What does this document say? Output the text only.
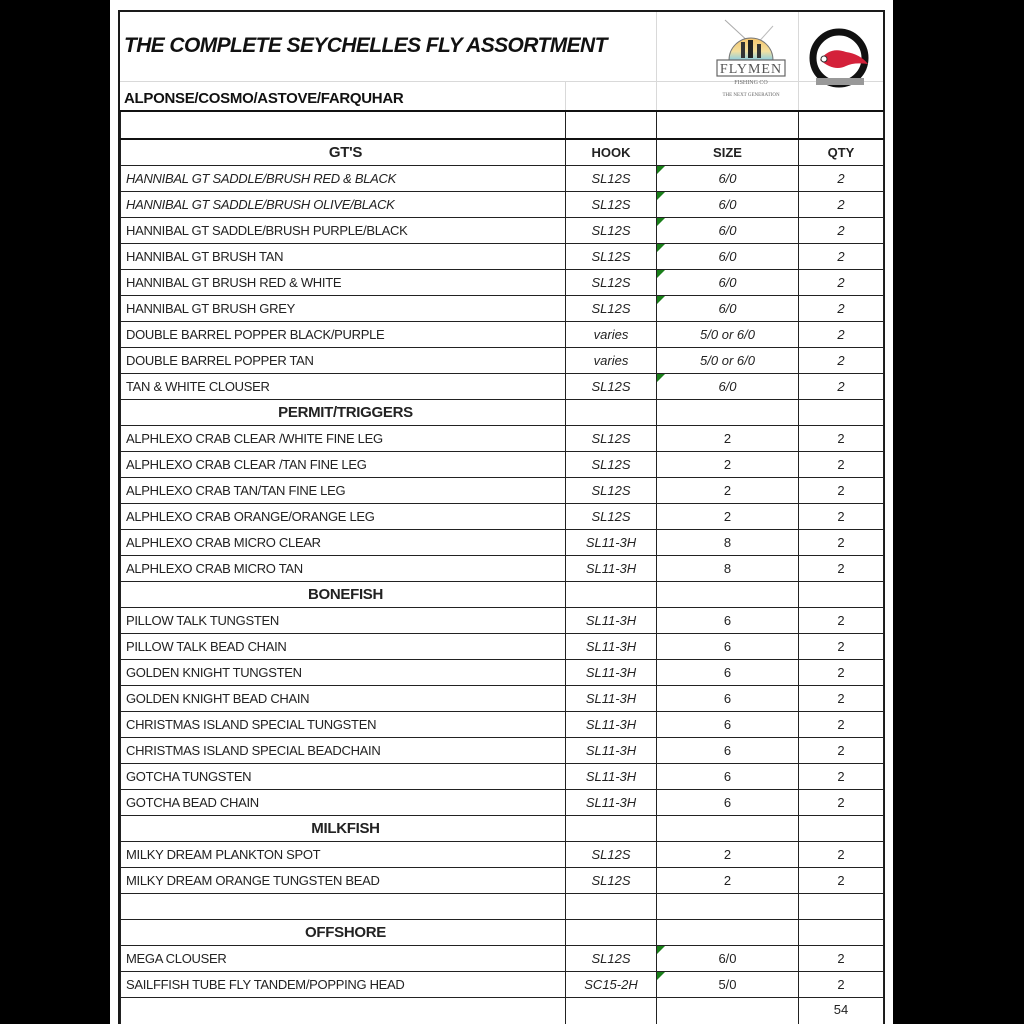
THE COMPLETE SEYCHELLES FLY ASSORTMENT
ALPONSE/COSMO/ASTOVE/FARQUHAR
FLYMEN
FISHING CO
THE NEXT GENERATION

GT'S	HOOK	SIZE	QTY
HANNIBAL GT SADDLE/BRUSH RED & BLACK	SL12S	6/0	2
HANNIBAL GT SADDLE/BRUSH OLIVE/BLACK	SL12S	6/0	2
HANNIBAL GT SADDLE/BRUSH PURPLE/BLACK	SL12S	6/0	2
HANNIBAL GT BRUSH TAN	SL12S	6/0	2
HANNIBAL GT BRUSH RED & WHITE	SL12S	6/0	2
HANNIBAL GT BRUSH GREY	SL12S	6/0	2
DOUBLE BARREL POPPER BLACK/PURPLE	varies	5/0 or 6/0	2
DOUBLE BARREL POPPER TAN	varies	5/0 or 6/0	2
TAN & WHITE CLOUSER	SL12S	6/0	2
PERMIT/TRIGGERS			
ALPHLEXO CRAB CLEAR /WHITE FINE LEG	SL12S	2	2
ALPHLEXO CRAB CLEAR /TAN FINE LEG	SL12S	2	2
ALPHLEXO CRAB TAN/TAN FINE LEG	SL12S	2	2
ALPHLEXO CRAB ORANGE/ORANGE LEG	SL12S	2	2
ALPHLEXO CRAB MICRO CLEAR	SL11-3H	8	2
ALPHLEXO CRAB MICRO TAN	SL11-3H	8	2
BONEFISH			
PILLOW TALK TUNGSTEN	SL11-3H	6	2
PILLOW TALK BEAD CHAIN	SL11-3H	6	2
GOLDEN KNIGHT TUNGSTEN	SL11-3H	6	2
GOLDEN KNIGHT BEAD CHAIN	SL11-3H	6	2
CHRISTMAS ISLAND SPECIAL TUNGSTEN	SL11-3H	6	2
CHRISTMAS ISLAND SPECIAL BEADCHAIN	SL11-3H	6	2
GOTCHA TUNGSTEN	SL11-3H	6	2
GOTCHA BEAD CHAIN	SL11-3H	6	2
MILKFISH			
MILKY DREAM PLANKTON SPOT	SL12S	2	2
MILKY DREAM ORANGE TUNGSTEN BEAD	SL12S	2	2

OFFSHORE			
MEGA CLOUSER	SL12S	6/0	2
SAILFFISH TUBE FLY TANDEM/POPPING HEAD	SC15-2H	5/0	2
			54
